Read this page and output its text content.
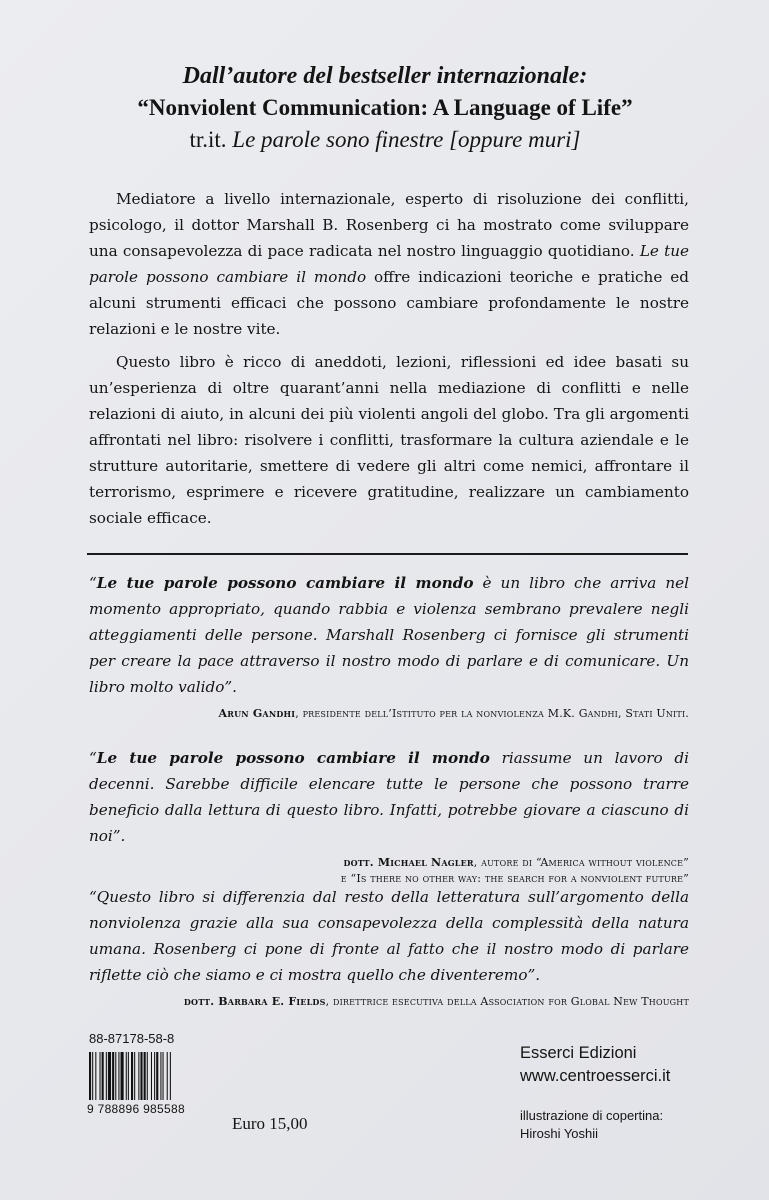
Dall’autore del bestseller internazionale:
“Nonviolent Communication: A Language of Life”
tr.it. Le parole sono finestre [oppure muri]

Mediatore a livello internazionale, esperto di risoluzione dei conflitti, psicologo, il dottor Marshall B. Rosenberg ci ha mostrato come sviluppare una consapevolezza di pace radicata nel nostro linguaggio quotidiano. Le tue parole possono cambiare il mondo offre indicazioni teoriche e pratiche ed alcuni strumenti efficaci che possono cambiare profondamente le nostre relazioni e le nostre vite.

Questo libro è ricco di aneddoti, lezioni, riflessioni ed idee basati su un’esperienza di oltre quarant’anni nella mediazione di conflitti e nelle relazioni di aiuto, in alcuni dei più violenti angoli del globo. Tra gli argomenti affrontati nel libro: risolvere i conflitti, trasformare la cultura aziendale e le strutture autoritarie, smettere di vedere gli altri come nemici, affrontare il terrorismo, esprimere e ricevere gratitudine, realizzare un cambiamento sociale efficace.

“Le tue parole possono cambiare il mondo è un libro che arriva nel momento appropriato, quando rabbia e violenza sembrano prevalere negli atteggiamenti delle persone. Marshall Rosenberg ci fornisce gli strumenti per creare la pace attraverso il nostro modo di parlare e di comunicare. Un libro molto valido”.

Arun Gandhi, presidente dell’Istituto per la nonviolenza M.K. Gandhi, Stati Uniti.

“Le tue parole possono cambiare il mondo riassume un lavoro di decenni. Sarebbe difficile elencare tutte le persone che possono trarre beneficio dalla lettura di questo libro. Infatti, potrebbe giovare a ciascuno di noi”.

dott. Michael Nagler, autore di “America without violence”
e “Is there no other way: the search for a nonviolent future”

“Questo libro si differenzia dal resto della letteratura sull’argomento della nonviolenza grazie alla sua consapevolezza della complessità della natura umana. Rosenberg ci pone di fronte al fatto che il nostro modo di parlare riflette ciò che siamo e ci mostra quello che diventeremo”.

dott. Barbara E. Fields, direttrice esecutiva della Association for Global New Thought
88-87178-58-8
9 788896 985588
Euro 15,00
Esserci Edizioni
www.centroesserci.it
illustrazione di copertina:
Hiroshi Yoshii
